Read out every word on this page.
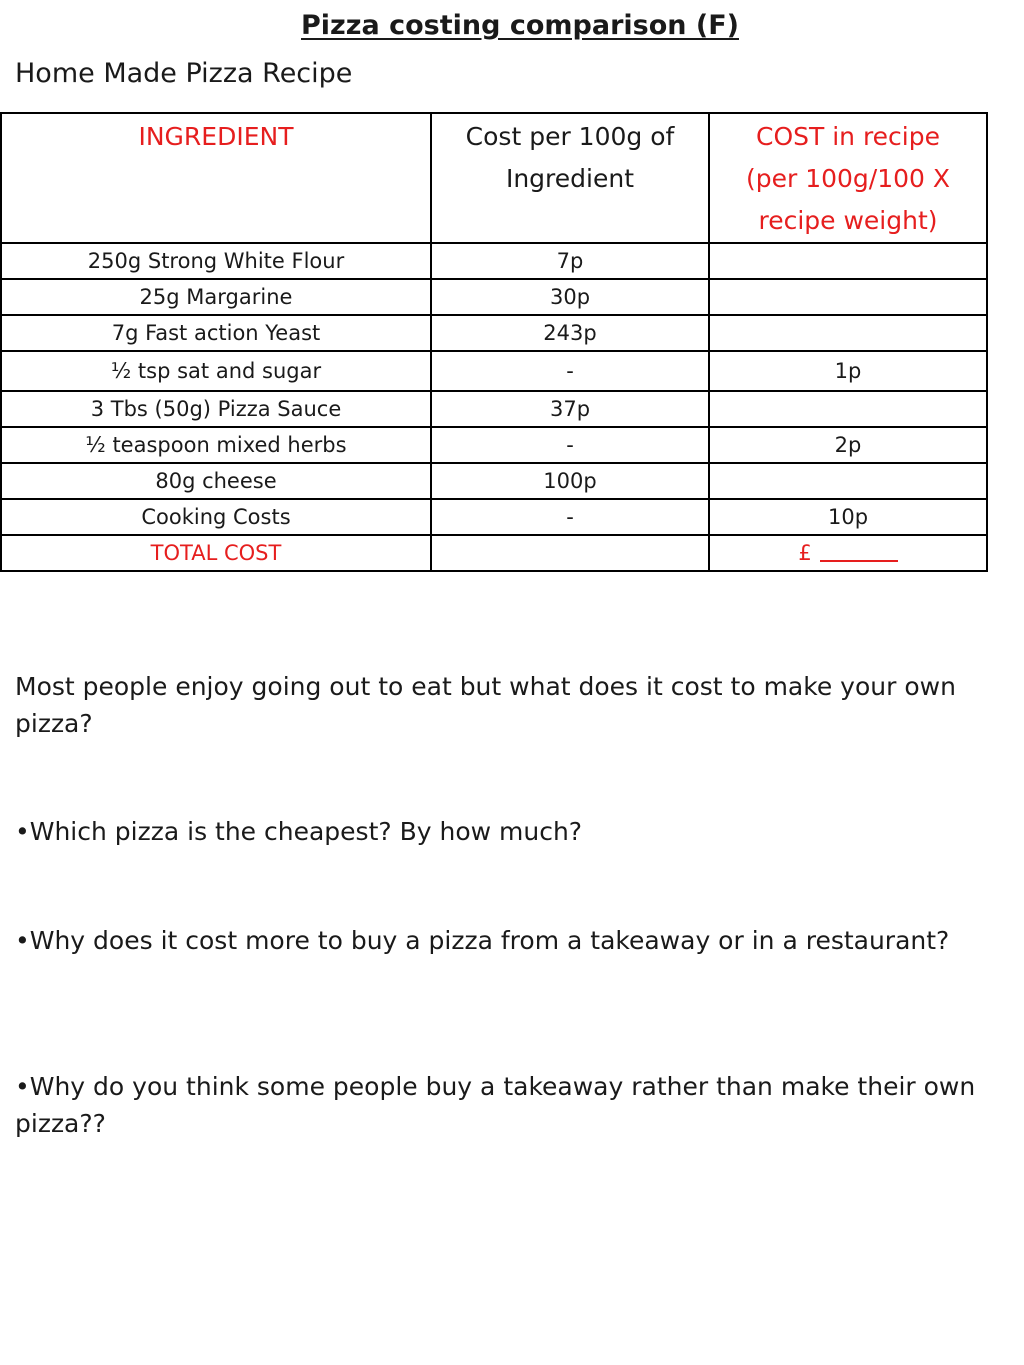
Pizza costing comparison (F)
Home Made Pizza Recipe
INGREDIENT	Cost per 100g of Ingredient	COST in recipe (per 100g/100 X recipe weight)

250g Strong White Flour	7p	
25g Margarine	30p	
7g Fast action Yeast	243p	
½ tsp sat and sugar	-	1p
3 Tbs (50g) Pizza Sauce	37p	
½ teaspoon mixed herbs	-	2p
80g cheese	100p	
Cooking Costs	-	10p
TOTAL COST		£
Most people enjoy going out to eat but what does it cost to make your own pizza?
•Which pizza is the cheapest? By how much?
•Why does it cost more to buy a pizza from a takeaway or in a restaurant?
•Why do you think some people buy a takeaway rather than make their own pizza??
